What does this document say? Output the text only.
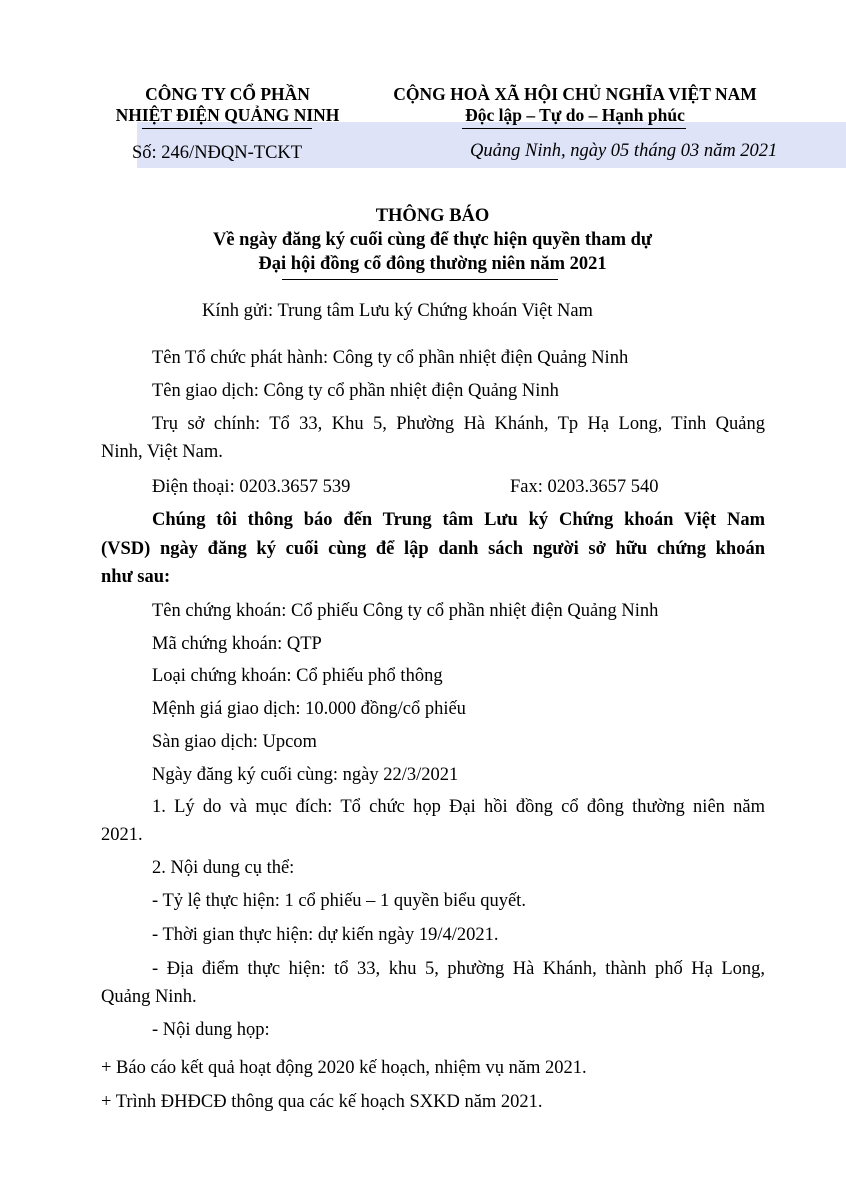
CÔNG TY CỔ PHẦN
NHIỆT ĐIỆN QUẢNG NINH
CỘNG HOÀ XÃ HỘI CHỦ NGHĨA VIỆT NAM
Độc lập – Tự do – Hạnh phúc
Số: 246/NĐQN-TCKT	Quảng Ninh, ngày 05 tháng 03 năm 2021
THÔNG BÁO
Về ngày đăng ký cuối cùng để thực hiện quyền tham dự
Đại hội đồng cổ đông thường niên năm 2021
Kính gửi: Trung tâm Lưu ký Chứng khoán Việt Nam
Tên Tổ chức phát hành: Công ty cổ phần nhiệt điện Quảng Ninh
Tên giao dịch: Công ty cổ phần nhiệt điện Quảng Ninh
Trụ sở chính: Tổ 33, Khu 5, Phường Hà Khánh, Tp Hạ Long, Tỉnh Quảng
Ninh, Việt Nam.
Điện thoại: 0203.3657 539	Fax: 0203.3657 540
Chúng tôi thông báo đến Trung tâm Lưu ký Chứng khoán Việt Nam
(VSD) ngày đăng ký cuối cùng để lập danh sách người sở hữu chứng khoán
như sau:
Tên chứng khoán: Cổ phiếu Công ty cổ phần nhiệt điện Quảng Ninh
Mã chứng khoán: QTP
Loại chứng khoán: Cổ phiếu phổ thông
Mệnh giá giao dịch: 10.000 đồng/cổ phiếu
Sàn giao dịch: Upcom
Ngày đăng ký cuối cùng: ngày 22/3/2021
1. Lý do và mục đích: Tổ chức họp Đại hồi đồng cổ đông thường niên năm
2021.
2. Nội dung cụ thể:
- Tỷ lệ thực hiện: 1 cổ phiếu – 1 quyền biểu quyết.
- Thời gian thực hiện: dự kiến ngày 19/4/2021.
- Địa điểm thực hiện: tổ 33, khu 5, phường Hà Khánh, thành phố Hạ Long,
Quảng Ninh.
- Nội dung họp:
+ Báo cáo kết quả hoạt động 2020 kế hoạch, nhiệm vụ năm 2021.
+ Trình ĐHĐCĐ thông qua các kế hoạch SXKD năm 2021.
